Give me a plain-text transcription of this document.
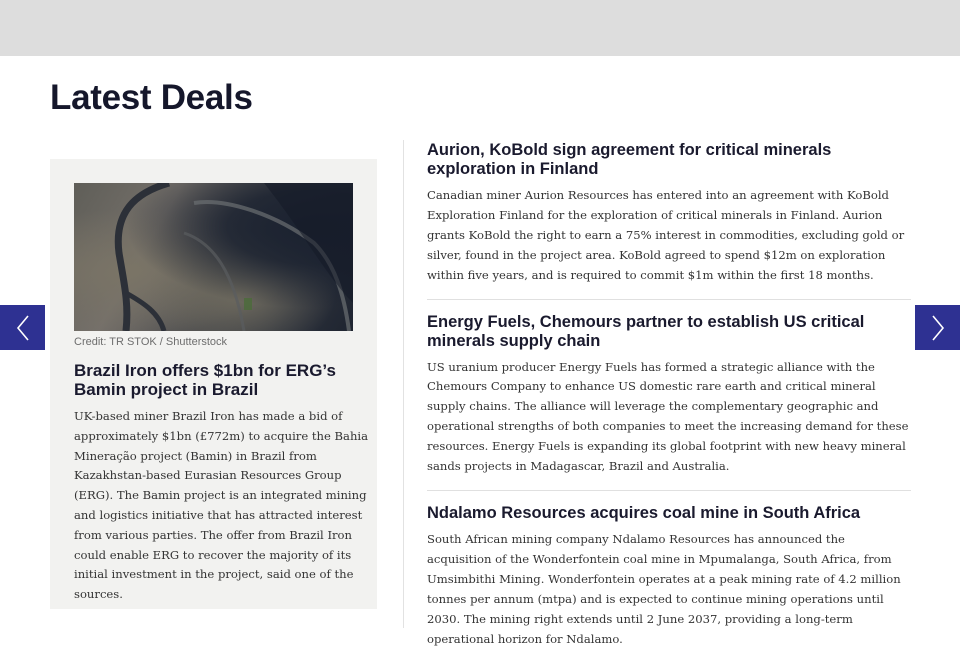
Latest Deals
Credit: TR STOK / Shutterstock
Brazil Iron offers $1bn for ERG’s Bamin project in Brazil

UK-based miner Brazil Iron has made a bid of approximately $1bn (£772m) to acquire the Bahia Mineração project (Bamin) in Brazil from Kazakhstan-based Eurasian Resources Group (ERG). The Bamin project is an integrated mining and logistics initiative that has attracted interest from various parties. The offer from Brazil Iron could enable ERG to recover the majority of its initial investment in the project, said one of the sources.

Aurion, KoBold sign agreement for critical minerals exploration in Finland

Canadian miner Aurion Resources has entered into an agreement with KoBold Exploration Finland for the exploration of critical minerals in Finland. Aurion grants KoBold the right to earn a 75% interest in commodities, excluding gold or silver, found in the project area. KoBold agreed to spend $12m on exploration within five years, and is required to commit $1m within the first 18 months.

Energy Fuels, Chemours partner to establish US critical minerals supply chain

US uranium producer Energy Fuels has formed a strategic alliance with the Chemours Company to enhance US domestic rare earth and critical mineral supply chains. The alliance will leverage the complementary geographic and operational strengths of both companies to meet the increasing demand for these resources. Energy Fuels is expanding its global footprint with new heavy mineral sands projects in Madagascar, Brazil and Australia.

Ndalamo Resources acquires coal mine in South Africa

South African mining company Ndalamo Resources has announced the acquisition of the Wonderfontein coal mine in Mpumalanga, South Africa, from Umsimbithi Mining. Wonderfontein operates at a peak mining rate of 4.2 million tonnes per annum (mtpa) and is expected to continue mining operations until 2030. The mining right extends until 2 June 2037, providing a long-term operational horizon for Ndalamo.
